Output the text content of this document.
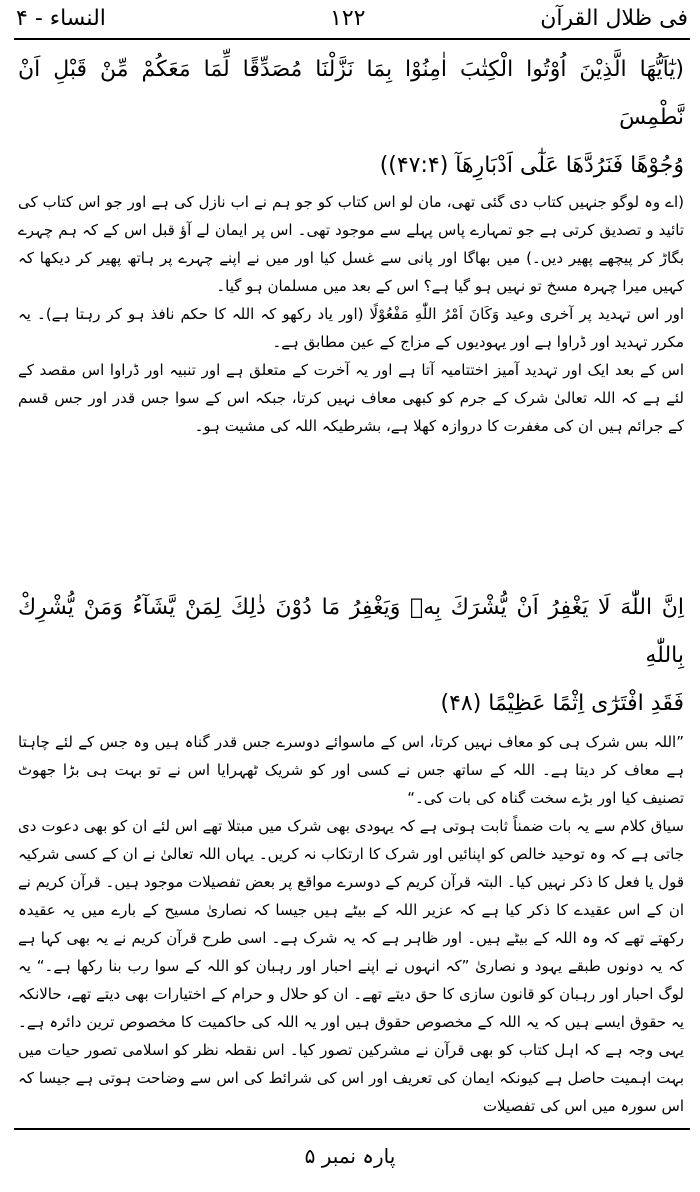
فی ظلال القرآن
۱۲۲
النساء - ۴
(یٰٓاَیُّهَا الَّذِیْنَ اُوْتُوا الْكِتٰبَ اٰمِنُوْا بِمَا نَزَّلْنَا مُصَدِّقًا لِّمَا مَعَكُمْ مِّنْ قَبْلِ اَنْ نَّطْمِسَ
وُجُوْهًا فَنَرُدَّهَا عَلٰٓى اَدْبَارِهَآ (۴۷:۴))

(اے وہ لوگو جنہیں کتاب دی گئی تھی، مان لو اس کتاب کو جو ہم نے اب نازل کی ہے اور جو اس کتاب کی تائید و تصدیق کرتی ہے جو تمہارے پاس پہلے سے موجود تھی۔ اس پر ایمان لے آؤ قبل اس کے کہ ہم چہرے بگاڑ کر پیچھے پھیر دیں۔) میں بھاگا اور پانی سے غسل کیا اور میں نے اپنے چہرے پر ہاتھ پھیر کر دیکھا کہ کہیں میرا چہرہ مسخ تو نہیں ہو گیا ہے؟ اس کے بعد میں مسلمان ہو گیا۔

اور اس تہدید پر آخری وعید وَكَانَ اَمْرُ اللّٰهِ مَفْعُوْلًا (اور یاد رکھو کہ اللہ کا حکم نافذ ہو کر رہتا ہے)۔ یہ مکرر تہدید اور ڈراوا ہے اور یہودیوں کے مزاج کے عین مطابق ہے۔

اس کے بعد ایک اور تہدید آمیز اختتامیہ آتا ہے اور یہ آخرت کے متعلق ہے اور تنبیہ اور ڈراوا اس مقصد کے لئے ہے کہ اللہ تعالیٰ شرک کے جرم کو کبھی معاف نہیں کرتا، جبکہ اس کے سوا جس قدر اور جس قسم کے جرائم ہیں ان کی مغفرت کا دروازہ کھلا ہے، بشرطیکہ اللہ کی مشیت ہو۔

اِنَّ اللّٰهَ لَا یَغْفِرُ اَنْ یُّشْرَكَ بِهٖ وَیَغْفِرُ مَا دُوْنَ ذٰلِكَ لِمَنْ یَّشَآءُ وَمَنْ یُّشْرِكْ بِاللّٰهِ
فَقَدِ افْتَرٰٓى اِثْمًا عَظِیْمًا (۴۸)

”اللہ بس شرک ہی کو معاف نہیں کرتا، اس کے ماسوائے دوسرے جس قدر گناہ ہیں وہ جس کے لئے چاہتا ہے معاف کر دیتا ہے۔ اللہ کے ساتھ جس نے کسی اور کو شریک ٹھہرایا اس نے تو بہت ہی بڑا جھوٹ تصنیف کیا اور بڑے سخت گناہ کی بات کی۔“

سیاق کلام سے یہ بات ضمناً ثابت ہوتی ہے کہ یہودی بھی شرک میں مبتلا تھے اس لئے ان کو بھی دعوت دی جاتی ہے کہ وہ توحید خالص کو اپنائیں اور شرک کا ارتکاب نہ کریں۔ یہاں اللہ تعالیٰ نے ان کے کسی شرکیہ قول یا فعل کا ذکر نہیں کیا۔ البتہ قرآن کریم کے دوسرے مواقع پر بعض تفصیلات موجود ہیں۔ قرآن کریم نے ان کے اس عقیدے کا ذکر کیا ہے کہ عزیر اللہ کے بیٹے ہیں جیسا کہ نصاریٰ مسیح کے بارے میں یہ عقیدہ رکھتے تھے کہ وہ اللہ کے بیٹے ہیں۔ اور ظاہر ہے کہ یہ شرک ہے۔ اسی طرح قرآن کریم نے یہ بھی کہا ہے کہ یہ دونوں طبقے یہود و نصاریٰ ”کہ انہوں نے اپنے احبار اور رہبان کو اللہ کے سوا رب بنا رکھا ہے۔“ یہ لوگ احبار اور رہبان کو قانون سازی کا حق دیتے تھے۔ ان کو حلال و حرام کے اختیارات بھی دیتے تھے، حالانکہ یہ حقوق ایسے ہیں کہ یہ اللہ کے مخصوص حقوق ہیں اور یہ اللہ کی حاکمیت کا مخصوص ترین دائرہ ہے۔ یہی وجہ ہے کہ اہل کتاب کو بھی قرآن نے مشرکین تصور کیا۔ اس نقطہ نظر کو اسلامی تصور حیات میں بہت اہمیت حاصل ہے کیونکہ ایمان کی تعریف اور اس کی شرائط کی اس سے وضاحت ہوتی ہے جیسا کہ اس سورہ میں اس کی تفصیلات

پارہ نمبر ۵
